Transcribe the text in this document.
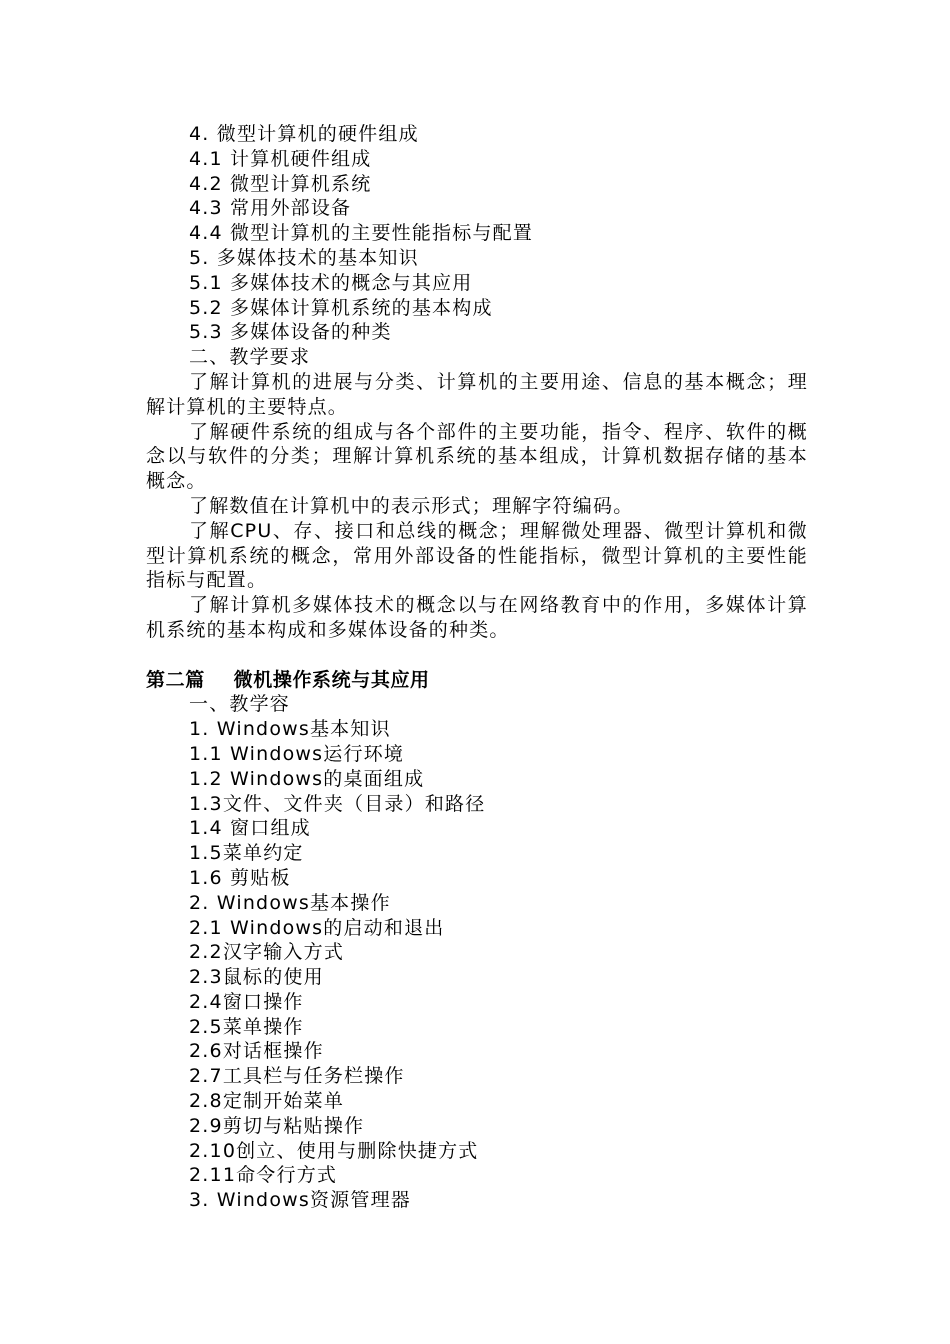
4. 微型计算机的硬件组成
4.1 计算机硬件组成
4.2 微型计算机系统
4.3 常用外部设备
4.4 微型计算机的主要性能指标与配置
5. 多媒体技术的基本知识
5.1 多媒体技术的概念与其应用
5.2 多媒体计算机系统的基本构成
5.3 多媒体设备的种类
二、教学要求
了解计算机的进展与分类、计算机的主要用途、信息的基本概念；理解计算机的主要特点。
了解硬件系统的组成与各个部件的主要功能，指令、程序、软件的概念以与软件的分类；理解计算机系统的基本组成，计算机数据存储的基本概念。
了解数值在计算机中的表示形式；理解字符编码。
了解CPU、存、接口和总线的概念；理解微处理器、微型计算机和微型计算机系统的概念，常用外部设备的性能指标，微型计算机的主要性能指标与配置。
了解计算机多媒体技术的概念以与在网络教育中的作用，多媒体计算机系统的基本构成和多媒体设备的种类。
第二篇    微机操作系统与其应用
一、教学容
1. Windows基本知识
1.1 Windows运行环境
1.2 Windows的桌面组成
1.3文件、文件夹（目录）和路径
1.4 窗口组成
1.5菜单约定
1.6 剪贴板
2. Windows基本操作
2.1 Windows的启动和退出
2.2汉字输入方式
2.3鼠标的使用
2.4窗口操作
2.5菜单操作
2.6对话框操作
2.7工具栏与任务栏操作
2.8定制开始菜单
2.9剪切与粘贴操作
2.10创立、使用与删除快捷方式
2.11命令行方式
3. Windows资源管理器
